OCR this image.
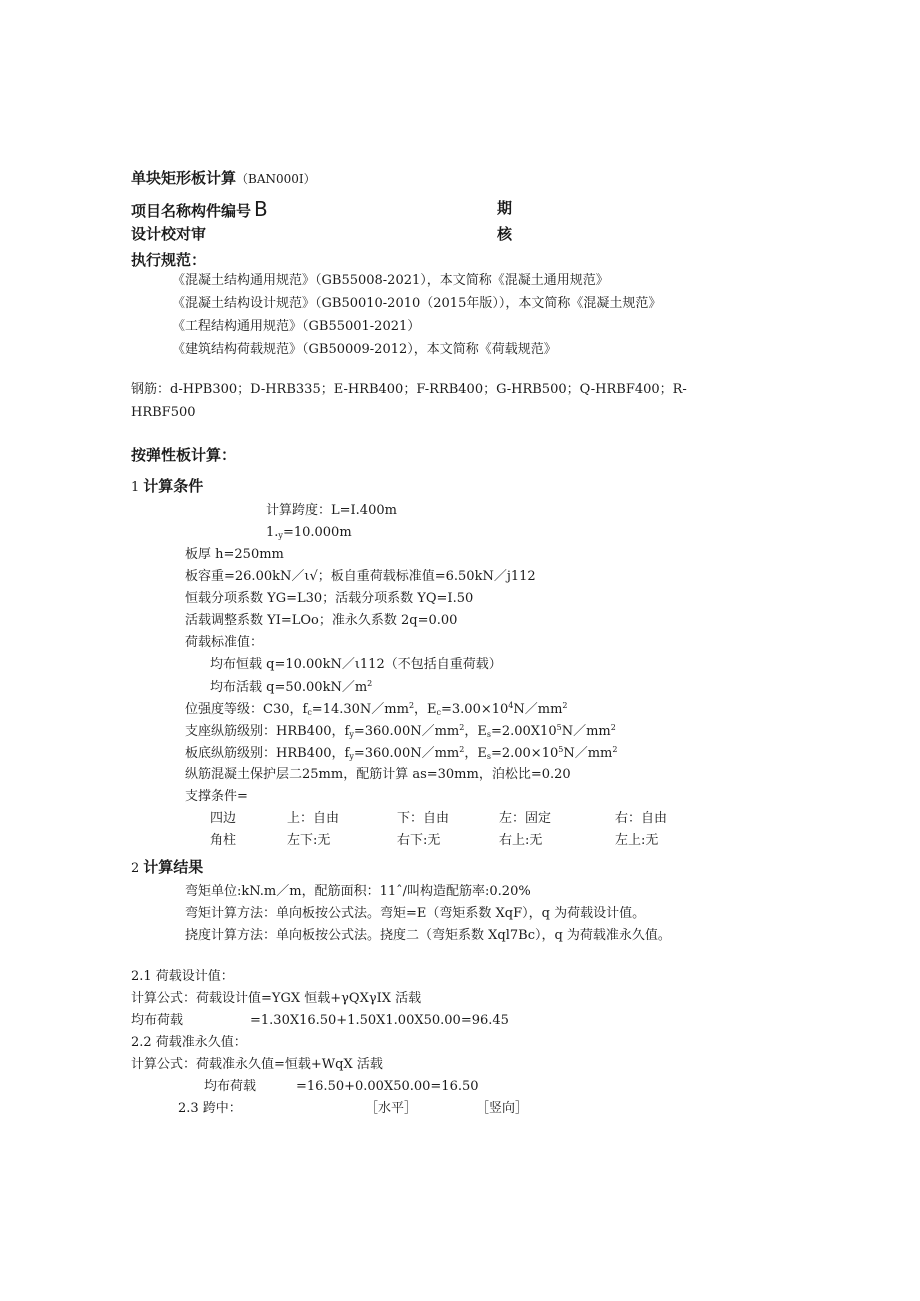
单块矩形板计算（BAN000I）
项目名称构件编号 B	期
设计校对审	核
执行规范：
《混凝土结构通用规范》（GB55008-2021），本文简称《混凝土通用规范》
《混凝土结构设计规范》（GB50010-2010（2015年版）），本文简称《混凝土规范》
《工程结构通用规范》（GB55001-2021）
《建筑结构荷载规范》（GB50009-2012），本文简称《荷载规范》
钢筋：d-HPB300；D-HRB335；E-HRB400；F-RRB400；G-HRB500；Q-HRBF400；R-
HRBF500
按弹性板计算：
1 计算条件
计算跨度：L=I.400m
$1._y=10.000m$
板厚 h=250mm
板容重=26.00kN／ι√；板自重荷载标准值=6.50kN／j112
恒载分项系数 YG=L30；活载分项系数 YQ=I.50
活载调整系数 YI=LOo；准永久系数 2q=0.00
荷载标准值：
均布恒载 q=10.00kN／ι112（不包括自重荷载）
均布活载 $q=50.00kN/m^2$
位强度等级：C30，$f_c=14.30N/mm^2$，$E_c=3.00\times 10^4N/mm^2$
支座纵筋级别：HRB400，$f_y=360.00N/mm^2$，$E_s=2.00X10^5N/mm^2$
板底纵筋级别：HRB400，$f_y=360.00N/mm^2$，$E_s=2.00\times 10^5N/mm^2$
纵筋混凝土保护层二25mm，配筋计算 as=30mm，泊松比=0.20
支撑条件=
四边	上：自由	下：自由	左：固定	右：自由
角柱	左下:无	右下:无	右上:无	左上:无
2 计算结果
弯矩单位:kN.m／m，配筋面积：11ˆ/叫构造配筋率:0.20%
弯矩计算方法：单向板按公式法。弯矩=E（弯矩系数 XqF），q 为荷载设计值。
挠度计算方法：单向板按公式法。挠度二（弯矩系数 Xql7Bc），q 为荷载准永久值。
2.1 荷载设计值：
计算公式：荷载设计值=YGX 恒载+γQXγIX 活载
均布荷载	=1.30X16.50+1.50X1.00X50.00=96.45
2.2 荷载准永久值：
计算公式：荷载准永久值=恒载+WqX 活载
均布荷载	=16.50+0.00X50.00=16.50
2.3 跨中：	［水平］	［竖向］
